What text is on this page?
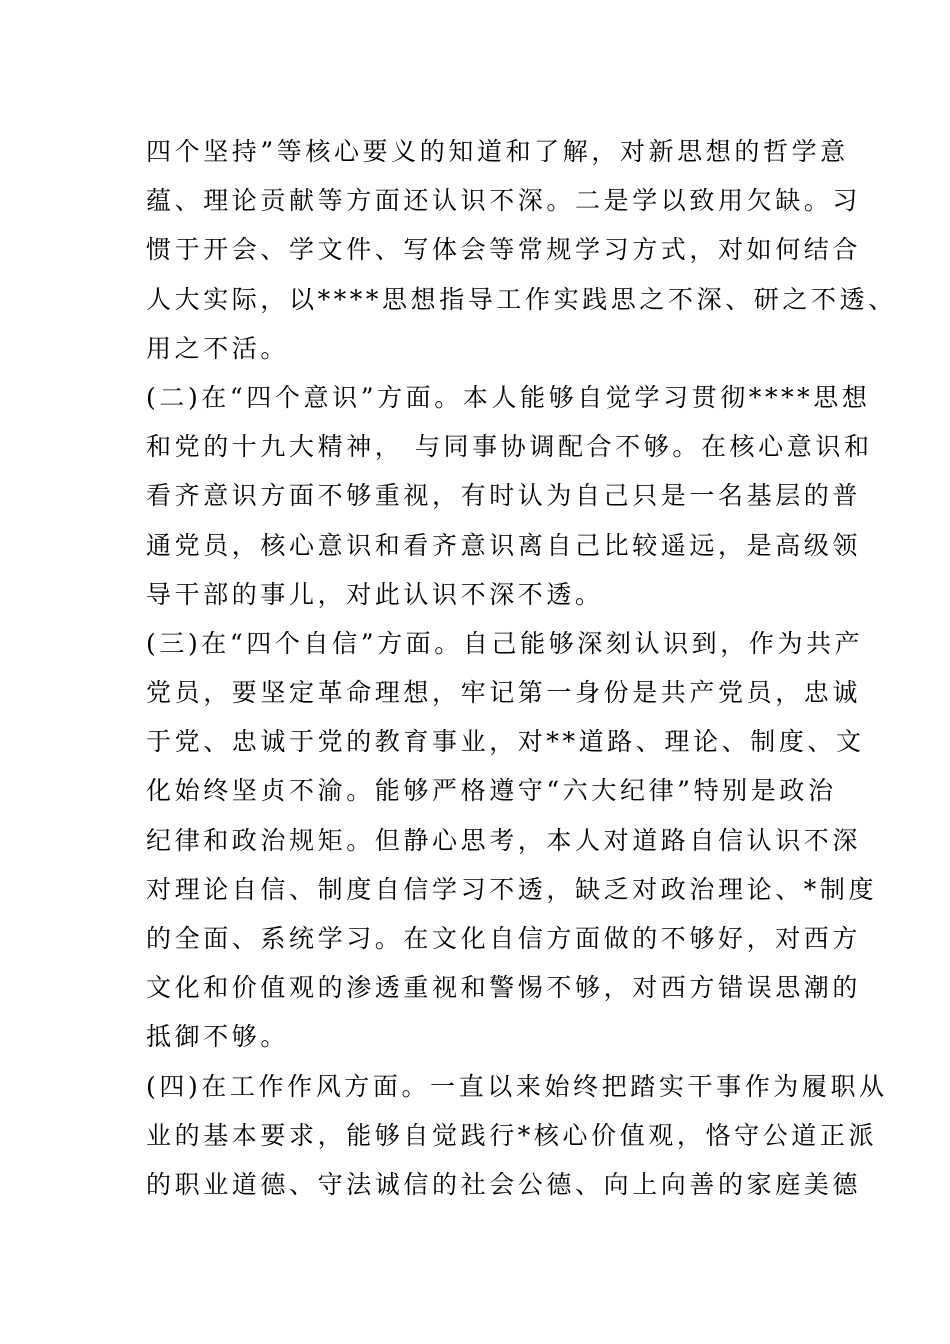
四个坚持”等核心要义的知道和了解，对新思想的哲学意
蕴、理论贡献等方面还认识不深。二是学以致用欠缺。习
惯于开会、学文件、写体会等常规学习方式，对如何结合
人大实际，以****思想指导工作实践思之不深、研之不透、
用之不活。
(二)在“四个意识”方面。本人能够自觉学习贯彻****思想
和党的十九大精神， 与同事协调配合不够。在核心意识和
看齐意识方面不够重视，有时认为自己只是一名基层的普
通党员，核心意识和看齐意识离自己比较遥远，是高级领
导干部的事儿，对此认识不深不透。
(三)在“四个自信”方面。自己能够深刻认识到，作为共产
党员，要坚定革命理想，牢记第一身份是共产党员，忠诚
于党、忠诚于党的教育事业，对**道路、理论、制度、文
化始终坚贞不渝。能够严格遵守“六大纪律”特别是政治
纪律和政治规矩。但静心思考，本人对道路自信认识不深
对理论自信、制度自信学习不透，缺乏对政治理论、*制度
的全面、系统学习。在文化自信方面做的不够好，对西方
文化和价值观的渗透重视和警惕不够，对西方错误思潮的
抵御不够。
(四)在工作作风方面。一直以来始终把踏实干事作为履职从
业的基本要求，能够自觉践行*核心价值观，恪守公道正派
的职业道德、守法诚信的社会公德、向上向善的家庭美德
